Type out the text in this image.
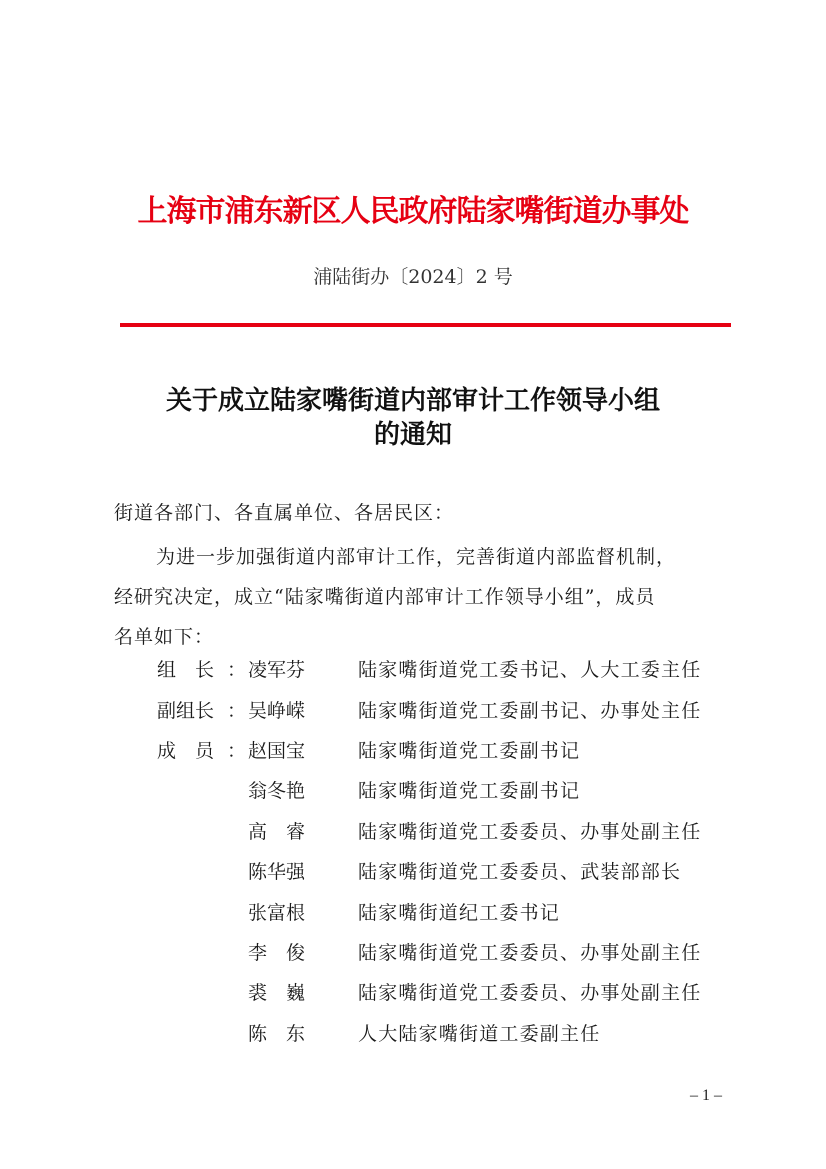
上海市浦东新区人民政府陆家嘴街道办事处
浦陆街办〔2024〕2 号
关于成立陆家嘴街道内部审计工作领导小组
的通知
街道各部门、各直属单位、各居民区：
为进一步加强街道内部审计工作，完善街道内部监督机制，
经研究决定，成立“陆家嘴街道内部审计工作领导小组”，成员
名单如下：
组　长 ： 凌军芬	陆家嘴街道党工委书记、人大工委主任
副组长 ： 吴峥嵘	陆家嘴街道党工委副书记、办事处主任
成　员 ： 赵国宝	陆家嘴街道党工委副书记
翁冬艳	陆家嘴街道党工委副书记
高　睿	陆家嘴街道党工委委员、办事处副主任
陈华强	陆家嘴街道党工委委员、武装部部长
张富根	陆家嘴街道纪工委书记
李　俊	陆家嘴街道党工委委员、办事处副主任
裘　巍	陆家嘴街道党工委委员、办事处副主任
陈　东	人大陆家嘴街道工委副主任
– 1 –
